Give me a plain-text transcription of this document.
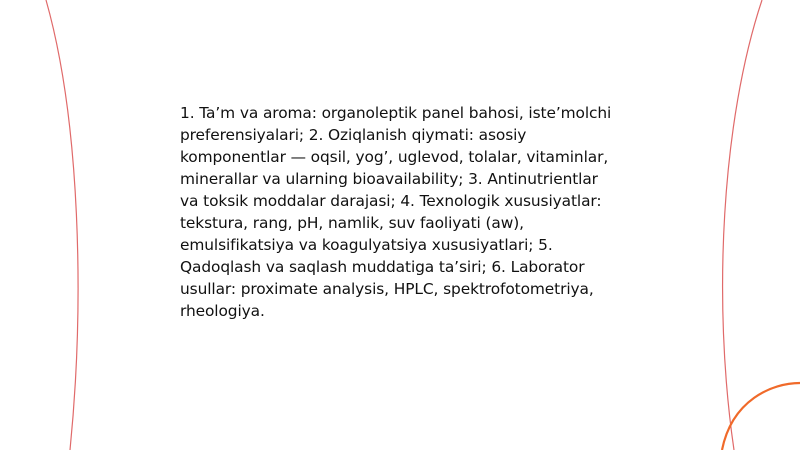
1. Ta’m va aroma: organoleptik panel bahosi, iste’molchi preferensiyalari; 2. Oziqlanish qiymati: asosiy komponentlar — oqsil, yog’, uglevod, tolalar, vitaminlar, minerallar va ularning bioavailability; 3. Antinutrientlar va toksik moddalar darajasi; 4. Texnologik xususiyatlar: tekstura, rang, pH, namlik, suv faoliyati (aw), emulsifikatsiya va koagulyatsiya xususiyatlari; 5. Qadoqlash va saqlash muddatiga ta’siri; 6. Laborator usullar: proximate analysis, HPLC, spektrofotometriya, rheologiya.
